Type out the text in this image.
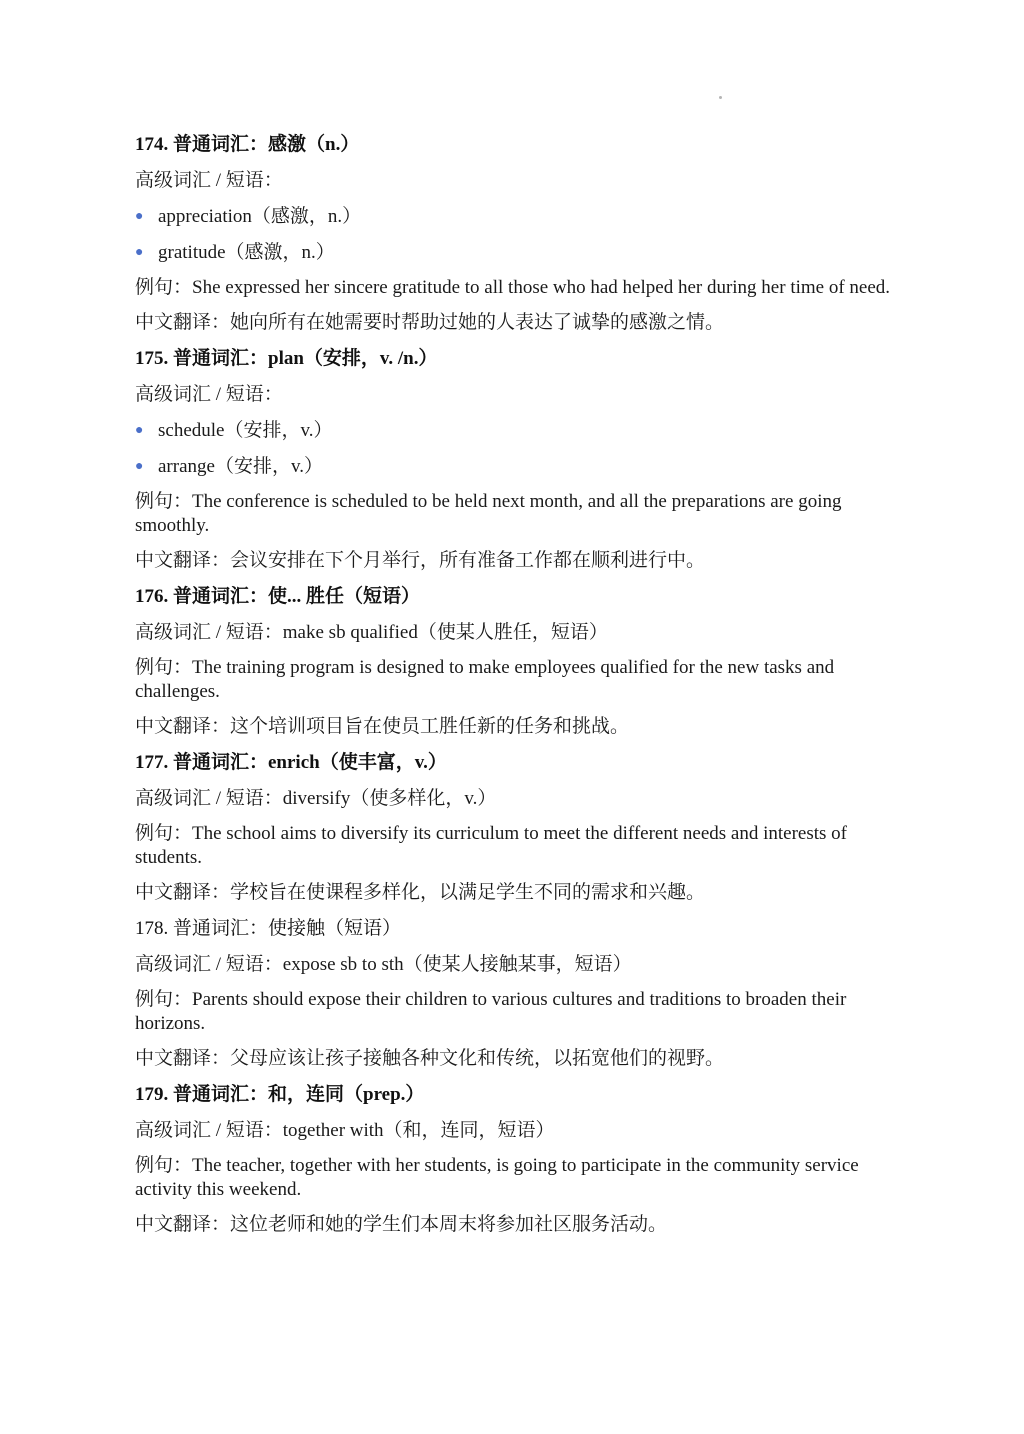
174. 普通词汇：感激（n.）
高级词汇 / 短语：
● appreciation（感激，n.）
● gratitude（感激，n.）
例句：She expressed her sincere gratitude to all those who had helped her during her time of need.
中文翻译：她向所有在她需要时帮助过她的人表达了诚挚的感激之情。
175. 普通词汇：plan（安排，v. /n.）
高级词汇 / 短语：
● schedule（安排，v.）
● arrange（安排，v.）
例句：The conference is scheduled to be held next month, and all the preparations are going smoothly.
中文翻译：会议安排在下个月举行，所有准备工作都在顺利进行中。
176. 普通词汇：使... 胜任（短语）
高级词汇 / 短语：make sb qualified（使某人胜任，短语）
例句：The training program is designed to make employees qualified for the new tasks and challenges.
中文翻译：这个培训项目旨在使员工胜任新的任务和挑战。
177. 普通词汇：enrich（使丰富，v.）
高级词汇 / 短语：diversify（使多样化，v.）
例句：The school aims to diversify its curriculum to meet the different needs and interests of students.
中文翻译：学校旨在使课程多样化，以满足学生不同的需求和兴趣。
178. 普通词汇：使接触（短语）
高级词汇 / 短语：expose sb to sth（使某人接触某事，短语）
例句：Parents should expose their children to various cultures and traditions to broaden their horizons.
中文翻译：父母应该让孩子接触各种文化和传统，以拓宽他们的视野。
179. 普通词汇：和，连同（prep.）
高级词汇 / 短语：together with（和，连同，短语）
例句：The teacher, together with her students, is going to participate in the community service activity this weekend.
中文翻译：这位老师和她的学生们本周末将参加社区服务活动。
